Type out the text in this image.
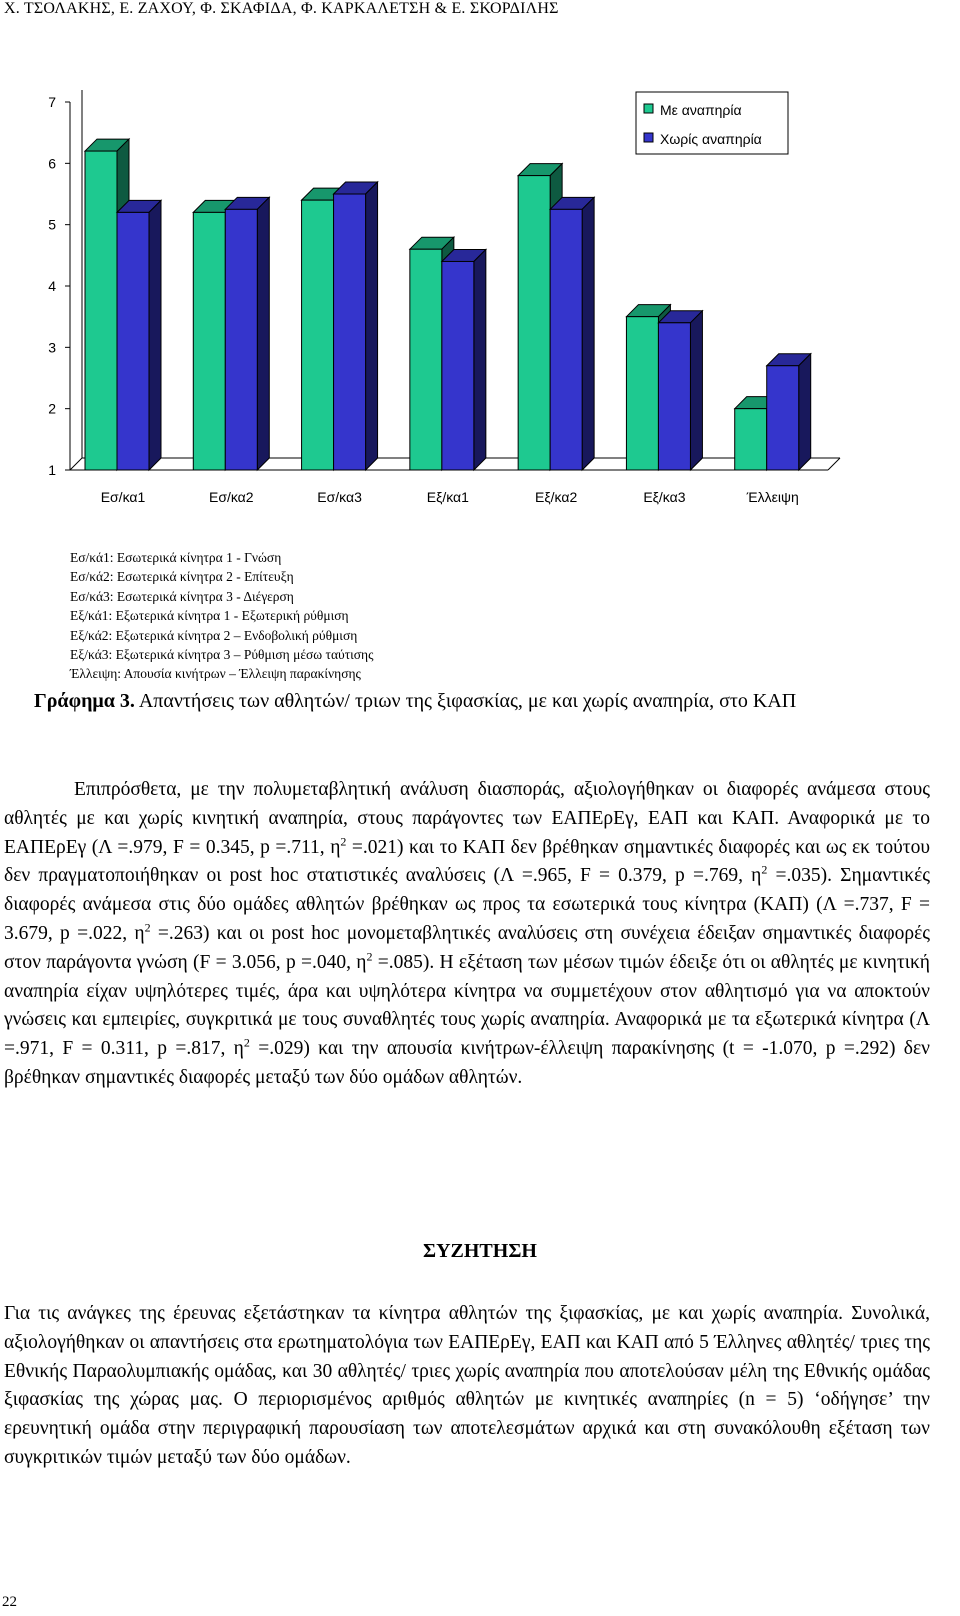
Χ. ΤΣΟΛΑΚΗΣ, Ε. ΖΑΧΟΥ, Φ. ΣΚΑΦΙΔΑ, Φ. ΚΑΡΚΑΛΕΤΣΗ & Ε. ΣΚΟΡΔΙΛΗΣ
1
2
3
4
5
6
7
Εσ/κα1	Εσ/κα2	Εσ/κα3	Εξ/κα1	Εξ/κα2	Εξ/κα3	Έλλειψη
Με αναπηρία
Χωρίς αναπηρία
Εσ/κά1: Εσωτερικά κίνητρα 1 - Γνώση
Εσ/κά2: Εσωτερικά κίνητρα 2 - Επίτευξη
Εσ/κά3: Εσωτερικά κίνητρα 3 - Διέγερση
Εξ/κά1: Εξωτερικά κίνητρα 1 - Εξωτερική ρύθμιση
Εξ/κά2: Εξωτερικά κίνητρα 2 – Ενδοβολική ρύθμιση
Εξ/κά3: Εξωτερικά κίνητρα 3 – Ρύθμιση μέσω ταύτισης
Έλλειψη: Απουσία κινήτρων – Έλλειψη παρακίνησης
Γράφημα 3. Απαντήσεις των αθλητών/ τριων της ξιφασκίας, με και χωρίς αναπηρία, στο ΚΑΠ

Επιπρόσθετα, με την πολυμεταβλητική ανάλυση διασποράς, αξιολογήθηκαν οι διαφορές ανάμεσα στους αθλητές με και χωρίς κινητική αναπηρία, στους παράγοντες των ΕΑΠΕρΕγ, ΕΑΠ και ΚΑΠ. Αναφορικά με το ΕΑΠΕρΕγ (Λ =.979, F = 0.345, p =.711, $\eta^2 =.021$) και το ΚΑΠ δεν βρέθηκαν σημαντικές διαφορές και ως εκ τούτου δεν πραγματοποιήθηκαν οι post hoc στατιστικές αναλύσεις (Λ =.965, F = 0.379, p =.769, $\eta^2 =.035$). Σημαντικές διαφορές ανάμεσα στις δύο ομάδες αθλητών βρέθηκαν ως προς τα εσωτερικά τους κίνητρα (ΚΑΠ) (Λ =.737, F = 3.679, p =.022, $\eta^2 =.263$) και οι post hoc μονομεταβλητικές αναλύσεις στη συνέχεια έδειξαν σημαντικές διαφορές στον παράγοντα γνώση (F = 3.056, p =.040, $\eta^2 =.085$). Η εξέταση των μέσων τιμών έδειξε ότι οι αθλητές με κινητική αναπηρία είχαν υψηλότερες τιμές, άρα και υψηλότερα κίνητρα να συμμετέχουν στον αθλητισμό για να αποκτούν γνώσεις και εμπειρίες, συγκριτικά με τους συναθλητές τους χωρίς αναπηρία. Αναφορικά με τα εξωτερικά κίνητρα (Λ =.971, F = 0.311, p =.817, $\eta^2 =.029$) και την απουσία κινήτρων-έλλειψη παρακίνησης (t = -1.070, p =.292) δεν βρέθηκαν σημαντικές διαφορές μεταξύ των δύο ομάδων αθλητών.

ΣΥΖΗΤΗΣΗ

Για τις ανάγκες της έρευνας εξετάστηκαν τα κίνητρα αθλητών της ξιφασκίας, με και χωρίς αναπηρία. Συνολικά, αξιολογήθηκαν οι απαντήσεις στα ερωτηματολόγια των ΕΑΠΕρΕγ, ΕΑΠ και ΚΑΠ από 5 Έλληνες αθλητές/ τριες της Εθνικής Παραολυμπιακής ομάδας, και 30 αθλητές/ τριες χωρίς αναπηρία που αποτελούσαν μέλη της Εθνικής ομάδας ξιφασκίας της χώρας μας. Ο περιορισμένος αριθμός αθλητών με κινητικές αναπηρίες (n = 5) ‘οδήγησε’ την ερευνητική ομάδα στην περιγραφική παρουσίαση των αποτελεσμάτων αρχικά και στη συνακόλουθη εξέταση των συγκριτικών τιμών μεταξύ των δύο ομάδων.

22
